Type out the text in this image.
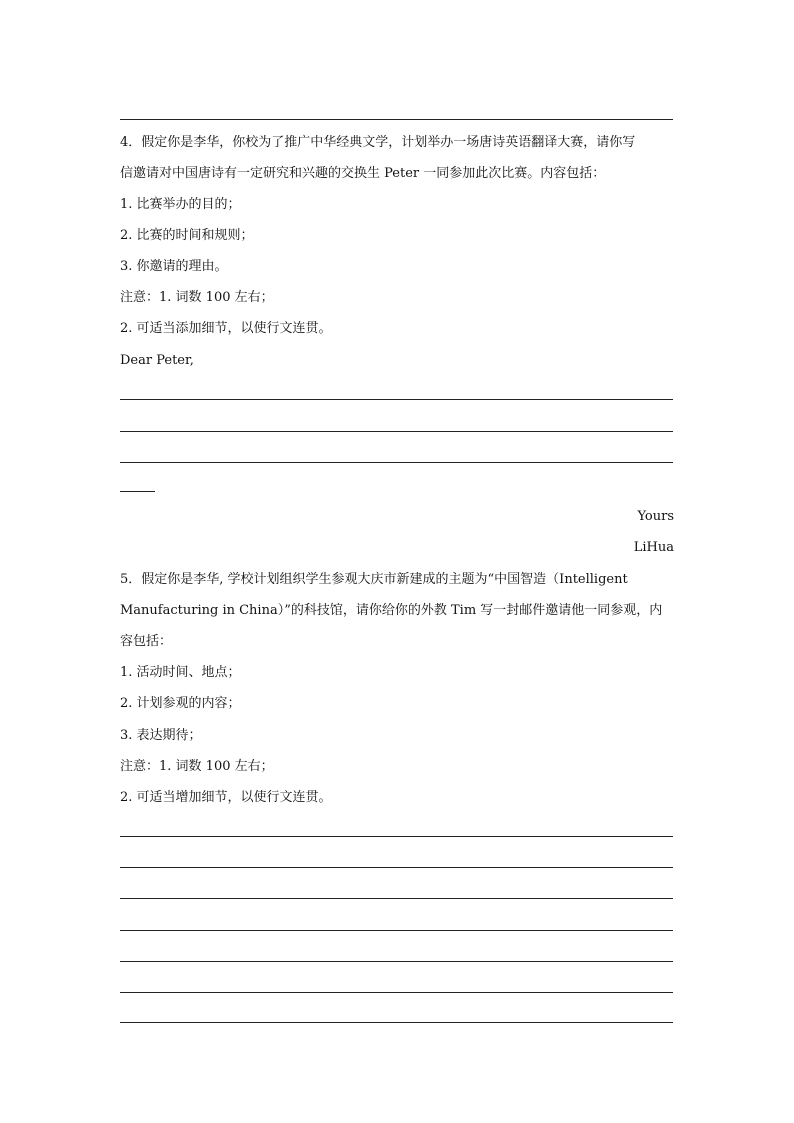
4．假定你是李华，你校为了推广中华经典文学，计划举办一场唐诗英语翻译大赛，请你写
信邀请对中国唐诗有一定研究和兴趣的交换生 Peter 一同参加此次比赛。内容包括：
1. 比赛举办的目的；
2. 比赛的时间和规则；
3. 你邀请的理由。
注意：1. 词数 100 左右；
2. 可适当添加细节，以使行文连贯。
Dear Peter,
Yours
LiHua
5．假定你是李华, 学校计划组织学生参观大庆市新建成的主题为“中国智造（Intelligent
Manufacturing in China）”的科技馆，请你给你的外教 Tim 写一封邮件邀请他一同参观，内
容包括：
1. 活动时间、地点；
2. 计划参观的内容；
3. 表达期待；
注意：1. 词数 100 左右；
2. 可适当增加细节，以使行文连贯。
